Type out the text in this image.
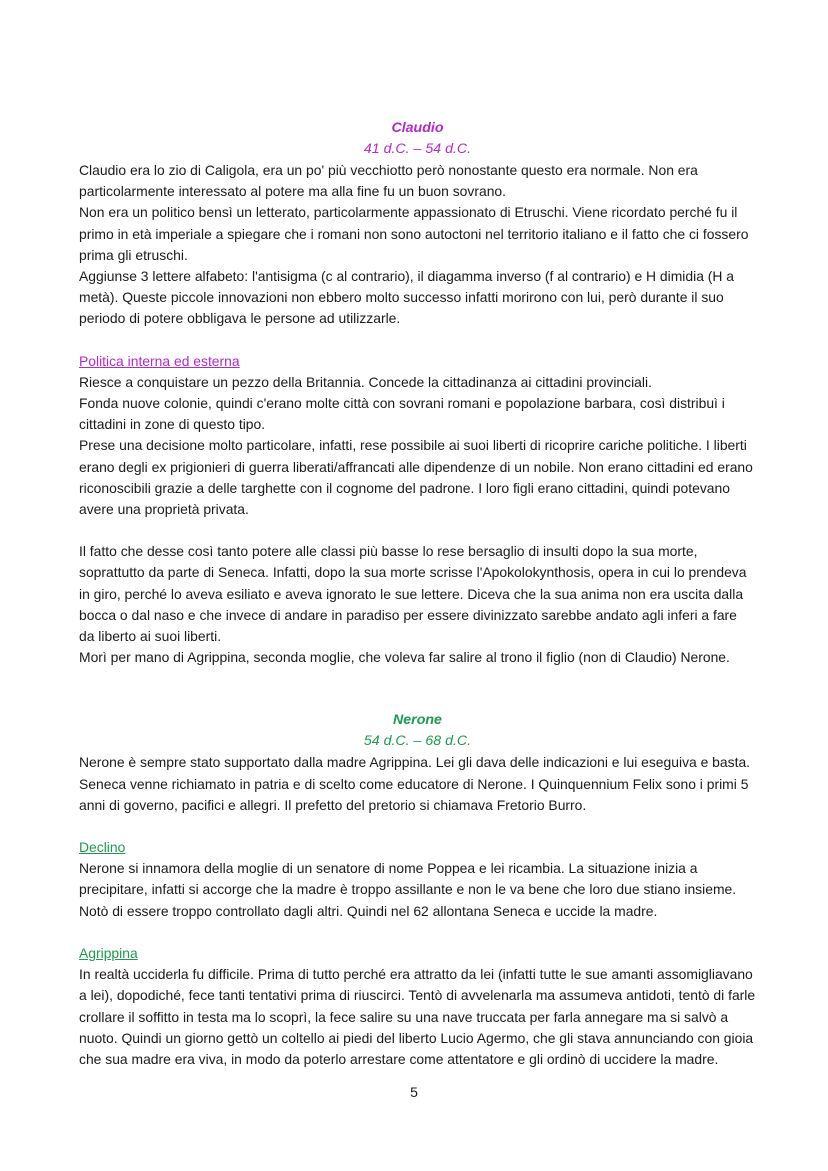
Claudio
41 d.C. – 54 d.C.

Claudio era lo zio di Caligola, era un po' più vecchiotto però nonostante questo era normale. Non era particolarmente interessato al potere ma alla fine fu un buon sovrano.

Non era un politico bensì un letterato, particolarmente appassionato di Etruschi. Viene ricordato perché fu il primo in età imperiale a spiegare che i romani non sono autoctoni nel territorio italiano e il fatto che ci fossero prima gli etruschi.

Aggiunse 3 lettere alfabeto: l'antisigma (c al contrario), il diagamma inverso (f al contrario) e H dimidia (H a metà). Queste piccole innovazioni non ebbero molto successo infatti morirono con lui, però durante il suo periodo di potere obbligava le persone ad utilizzarle.

Politica interna ed esterna

Riesce a conquistare un pezzo della Britannia. Concede la cittadinanza ai cittadini provinciali.

Fonda nuove colonie, quindi c'erano molte città con sovrani romani e popolazione barbara, così distribuì i cittadini in zone di questo tipo.

Prese una decisione molto particolare, infatti, rese possibile ai suoi liberti di ricoprire cariche politiche. I liberti erano degli ex prigionieri di guerra liberati/affrancati alle dipendenze di un nobile. Non erano cittadini ed erano riconoscibili grazie a delle targhette con il cognome del padrone. I loro figli erano cittadini, quindi potevano avere una proprietà privata.

Il fatto che desse così tanto potere alle classi più basse lo rese bersaglio di insulti dopo la sua morte, soprattutto da parte di Seneca. Infatti, dopo la sua morte scrisse l'Apokolokynthosis, opera in cui lo prendeva in giro, perché lo aveva esiliato e aveva ignorato le sue lettere. Diceva che la sua anima non era uscita dalla bocca o dal naso e che invece di andare in paradiso per essere divinizzato sarebbe andato agli inferi a fare da liberto ai suoi liberti.

Morì per mano di Agrippina, seconda moglie, che voleva far salire al trono il figlio (non di Claudio) Nerone.

Nerone
54 d.C. – 68 d.C.

Nerone è sempre stato supportato dalla madre Agrippina. Lei gli dava delle indicazioni e lui eseguiva e basta. Seneca venne richiamato in patria e di scelto come educatore di Nerone. I Quinquennium Felix sono i primi 5 anni di governo, pacifici e allegri. Il prefetto del pretorio si chiamava Fretorio Burro.

Declino

Nerone si innamora della moglie di un senatore di nome Poppea e lei ricambia. La situazione inizia a precipitare, infatti si accorge che la madre è troppo assillante e non le va bene che loro due stiano insieme. Notò di essere troppo controllato dagli altri. Quindi nel 62 allontana Seneca e uccide la madre.

Agrippina

In realtà ucciderla fu difficile. Prima di tutto perché era attratto da lei (infatti tutte le sue amanti assomigliavano a lei), dopodiché, fece tanti tentativi prima di riuscirci. Tentò di avvelenarla ma assumeva antidoti, tentò di farle crollare il soffitto in testa ma lo scoprì, la fece salire su una nave truccata per farla annegare ma si salvò a nuoto. Quindi un giorno gettò un coltello ai piedi del liberto Lucio Agermo, che gli stava annunciando con gioia che sua madre era viva, in modo da poterlo arrestare come attentatore e gli ordinò di uccidere la madre.

5
